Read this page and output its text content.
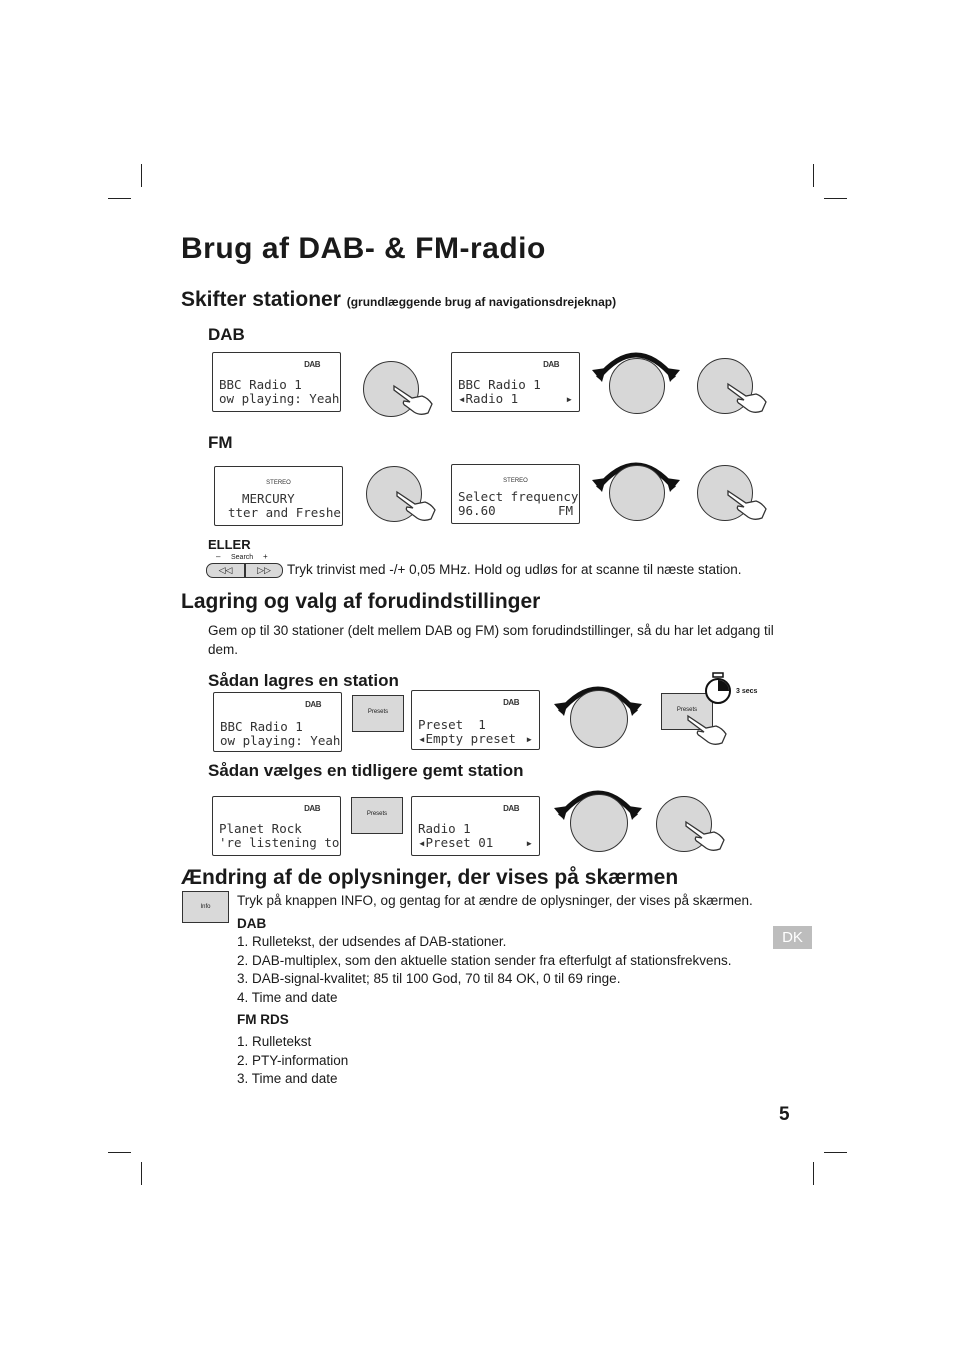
Brug af DAB- & FM-radio
Skifter stationer (grundlæggende brug af navigationsdrejeknap)
DAB
DAB
BBC Radio 1
ow playing: Yeah
DAB
BBC Radio 1
◂Radio 1	▸
FM
STEREO
MERCURY
tter and Freshe
STEREO
Select frequency
96.60	FM
ELLER
– Search +
◁◁	▷▷	Tryk trinvist med -/+ 0,05 MHz. Hold og udløs for at scanne til næste station.
Lagring og valg af forudindstillinger
Gem op til 30 stationer (delt mellem DAB og FM) som forudindstillinger, så du har let adgang til dem.
Sådan lagres en station
DAB
BBC Radio 1
ow playing: Yeah
Presets
DAB
Preset  1
◂Empty preset ▸
Presets
3 secs
Sådan vælges en tidligere gemt station
DAB
Planet Rock
're listening to
Presets
DAB
Radio 1
◂Preset 01	▸
Ændring af de oplysninger, der vises på skærmen
Info	Tryk på knappen INFO, og gentag for at ændre de oplysninger, der vises på skærmen.
DAB
1. Rulletekst, der udsendes af DAB-stationer.
2. DAB-multiplex, som den aktuelle station sender fra efterfulgt af stationsfrekvens.
3. DAB-signal-kvalitet; 85 til 100 God, 70 til 84 OK, 0 til 69 ringe.
4. Time and date
FM RDS
1. Rulletekst
2. PTY-information
3. Time and date
DK
5
